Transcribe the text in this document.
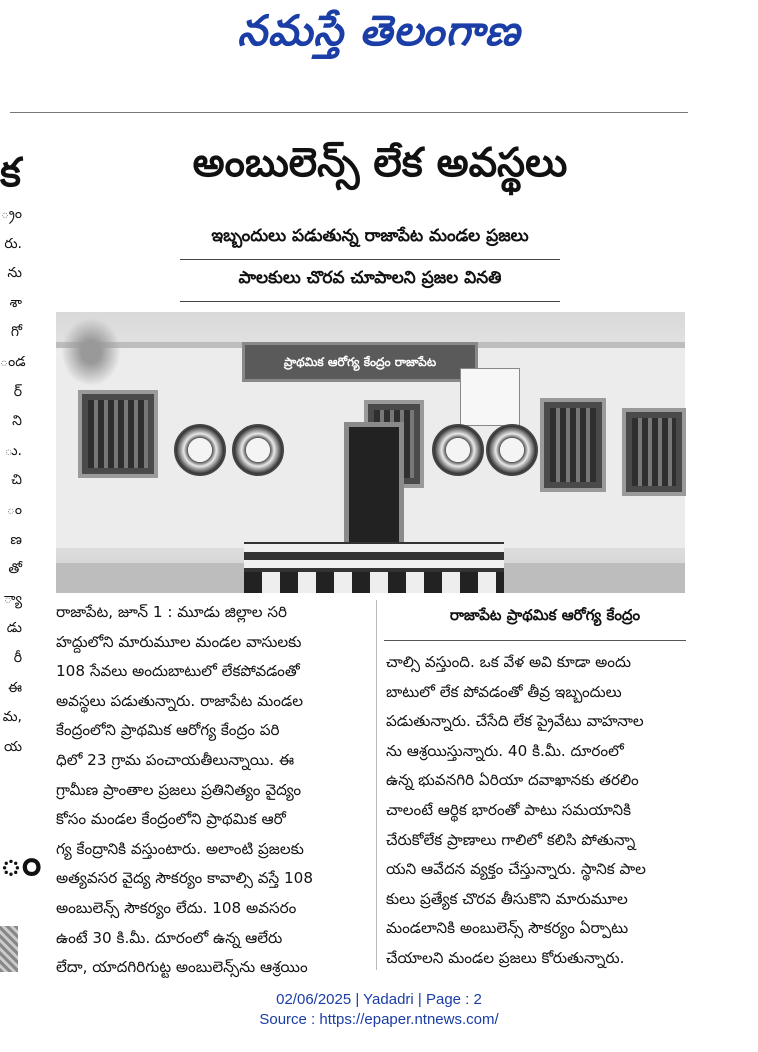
నమస్తే తెలంగాణ
క
్రం
రు.
ను
శా
గో
ండ
ర్
ని
ు.
చి
ం
ణ
తో
్యా
డు
రీ
ఈ
మ,
య
ం
అంబులెన్స్ లేక అవస్థలు
ఇబ్బందులు పడుతున్న రాజాపేట మండల ప్రజలు
పాలకులు చొరవ చూపాలని ప్రజల వినతి
ప్రాథమిక ఆరోగ్య కేంద్రం రాజాపేట
రాజాపేట ప్రాథమిక ఆరోగ్య కేంద్రం
రాజాపేట, జూన్ 1 : మూడు జిల్లాల సరి
హద్దులోని మారుమూల మండల వాసులకు
108 సేవలు అందుబాటులో లేకపోవడంతో
అవస్థలు పడుతున్నారు. రాజాపేట మండల
కేంద్రంలోని ప్రాథమిక ఆరోగ్య కేంద్రం పరి
ధిలో 23 గ్రామ పంచాయతీలున్నాయి. ఈ
గ్రామీణ ప్రాంతాల ప్రజలు ప్రతినిత్యం వైద్యం
కోసం మండల కేంద్రంలోని ప్రాథమిక ఆరో
గ్య కేంద్రానికి వస్తుంటారు. అలాంటి ప్రజలకు
అత్యవసర వైద్య సౌకర్యం కావాల్సి వస్తే 108
అంబులెన్స్ సౌకర్యం లేదు. 108 అవసరం
ఉంటే 30 కి.మీ. దూరంలో ఉన్న ఆలేరు
లేదా, యాదగిరిగుట్ట అంబులెన్స్‌ను ఆశ్రయిం
చాల్సి వస్తుంది. ఒక వేళ అవి కూడా అందు
బాటులో లేక పోవడంతో తీవ్ర ఇబ్బందులు
పడుతున్నారు. చేసేది లేక ప్రైవేటు వాహనాల
ను ఆశ్రయిస్తున్నారు. 40 కి.మీ. దూరంలో
ఉన్న భువనగిరి ఏరియా దవాఖానకు తరలిం
చాలంటే ఆర్థిక భారంతో పాటు సమయానికి
చేరుకోలేక ప్రాణాలు గాలిలో కలిసి పోతున్నా
యని ఆవేదన వ్యక్తం చేస్తున్నారు. స్థానిక పాల
కులు ప్రత్యేక చొరవ తీసుకొని మారుమూల
మండలానికి అంబులెన్స్ సౌకర్యం ఏర్పాటు
చేయాలని మండల ప్రజలు కోరుతున్నారు.
02/06/2025 | Yadadri | Page : 2
Source : https://epaper.ntnews.com/
